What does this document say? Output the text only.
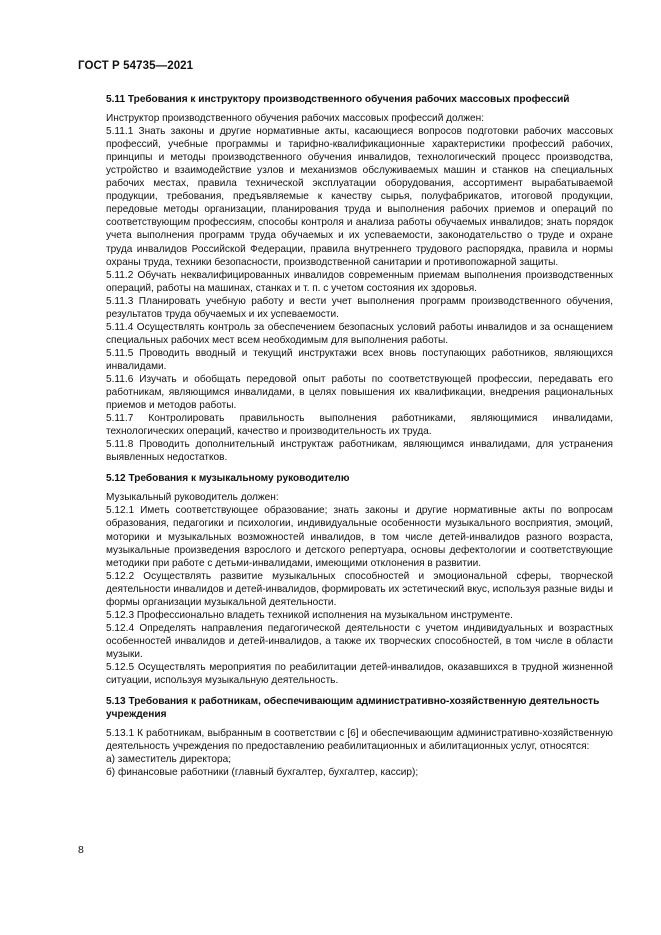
ГОСТ Р 54735—2021
5.11 Требования к инструктору производственного обучения рабочих массовых профессий

Инструктор производственного обучения рабочих массовых профессий должен:

5.11.1 Знать законы и другие нормативные акты, касающиеся вопросов подготовки рабочих массовых профессий, учебные программы и тарифно-квалификационные характеристики профессий рабочих, принципы и методы производственного обучения инвалидов, технологический процесс производства, устройство и взаимодействие узлов и механизмов обслуживаемых машин и станков на специальных рабочих местах, правила технической эксплуатации оборудования, ассортимент вырабатываемой продукции, требования, предъявляемые к качеству сырья, полуфабрикатов, итоговой продукции, передовые методы организации, планирования труда и выполнения рабочих приемов и операций по соответствующим профессиям, способы контроля и анализа работы обучаемых инвалидов; знать порядок учета выполнения программ труда обучаемых и их успеваемости, законодательство о труде и охране труда инвалидов Российской Федерации, правила внутреннего трудового распорядка, правила и нормы охраны труда, техники безопасности, производственной санитарии и противопожарной защиты.

5.11.2 Обучать неквалифицированных инвалидов современным приемам выполнения производственных операций, работы на машинах, станках и т. п. с учетом состояния их здоровья.

5.11.3 Планировать учебную работу и вести учет выполнения программ производственного обучения, результатов труда обучаемых и их успеваемости.

5.11.4 Осуществлять контроль за обеспечением безопасных условий работы инвалидов и за оснащением специальных рабочих мест всем необходимым для выполнения работы.

5.11.5 Проводить вводный и текущий инструктажи всех вновь поступающих работников, являющихся инвалидами.

5.11.6 Изучать и обобщать передовой опыт работы по соответствующей профессии, передавать его работникам, являющимся инвалидами, в целях повышения их квалификации, внедрения рациональных приемов и методов работы.

5.11.7 Контролировать правильность выполнения работниками, являющимися инвалидами, технологических операций, качество и производительность их труда.

5.11.8 Проводить дополнительный инструктаж работникам, являющимся инвалидами, для устранения выявленных недостатков.

5.12 Требования к музыкальному руководителю

Музыкальный руководитель должен:

5.12.1 Иметь соответствующее образование; знать законы и другие нормативные акты по вопросам образования, педагогики и психологии, индивидуальные особенности музыкального восприятия, эмоций, моторики и музыкальных возможностей инвалидов, в том числе детей-инвалидов разного возраста, музыкальные произведения взрослого и детского репертуара, основы дефектологии и соответствующие методики при работе с детьми-инвалидами, имеющими отклонения в развитии.

5.12.2 Осуществлять развитие музыкальных способностей и эмоциональной сферы, творческой деятельности инвалидов и детей-инвалидов, формировать их эстетический вкус, используя разные виды и формы организации музыкальной деятельности.

5.12.3 Профессионально владеть техникой исполнения на музыкальном инструменте.

5.12.4 Определять направления педагогической деятельности с учетом индивидуальных и возрастных особенностей инвалидов и детей-инвалидов, а также их творческих способностей, в том числе в области музыки.

5.12.5 Осуществлять мероприятия по реабилитации детей-инвалидов, оказавшихся в трудной жизненной ситуации, используя музыкальную деятельность.

5.13 Требования к работникам, обеспечивающим административно-хозяйственную деятельность учреждения

5.13.1 К работникам, выбранным в соответствии с [6] и обеспечивающим административно-хозяйственную деятельность учреждения по предоставлению реабилитационных и абилитационных услуг, относятся:

а) заместитель директора;

б) финансовые работники (главный бухгалтер, бухгалтер, кассир);

8
